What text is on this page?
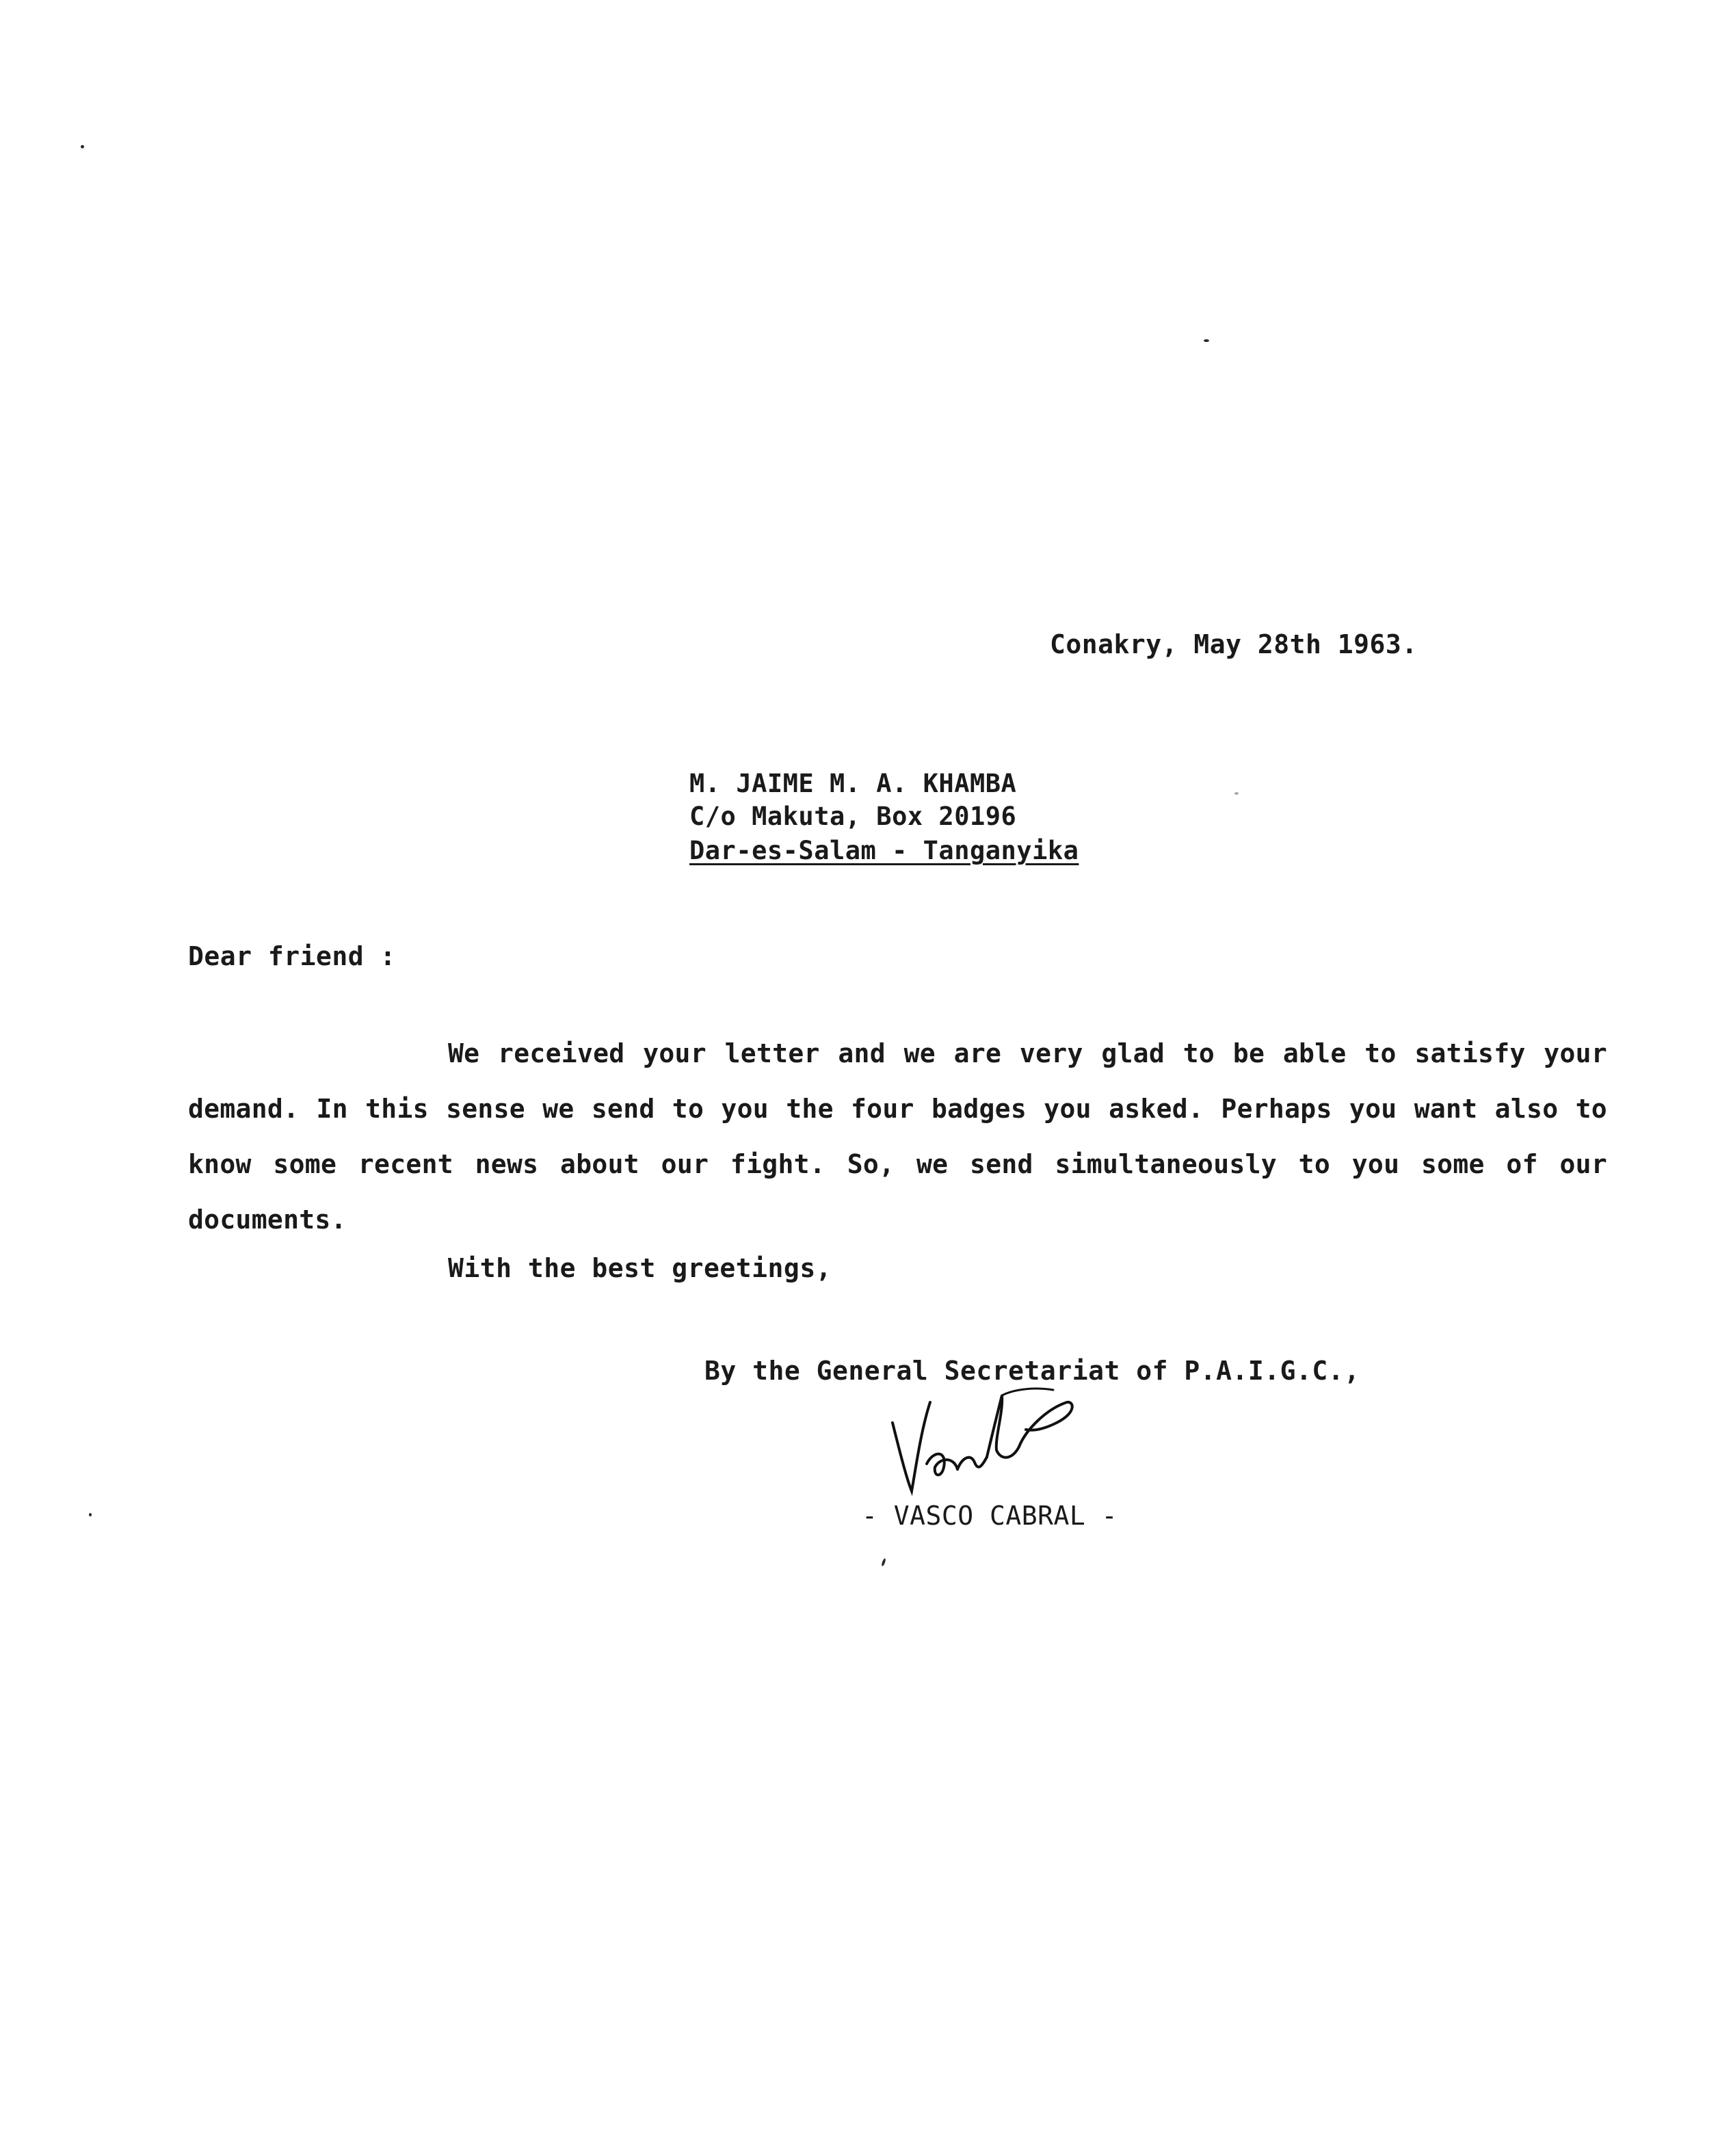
Conakry, May 28th 1963.
M. JAIME M. A. KHAMBA
C/o Makuta, Box 20196
Dar-es-Salam - Tanganyika
Dear friend :
We received your letter and we are very glad to be able to satisfy your demand. In this sense we send to you the four badges you asked. Perhaps you want also to know some recent news about our fight. So, we send simultaneously to you some of our documents.
With the best greetings,
By the General Secretariat of P.A.I.G.C.,
- VASCO CABRAL -
